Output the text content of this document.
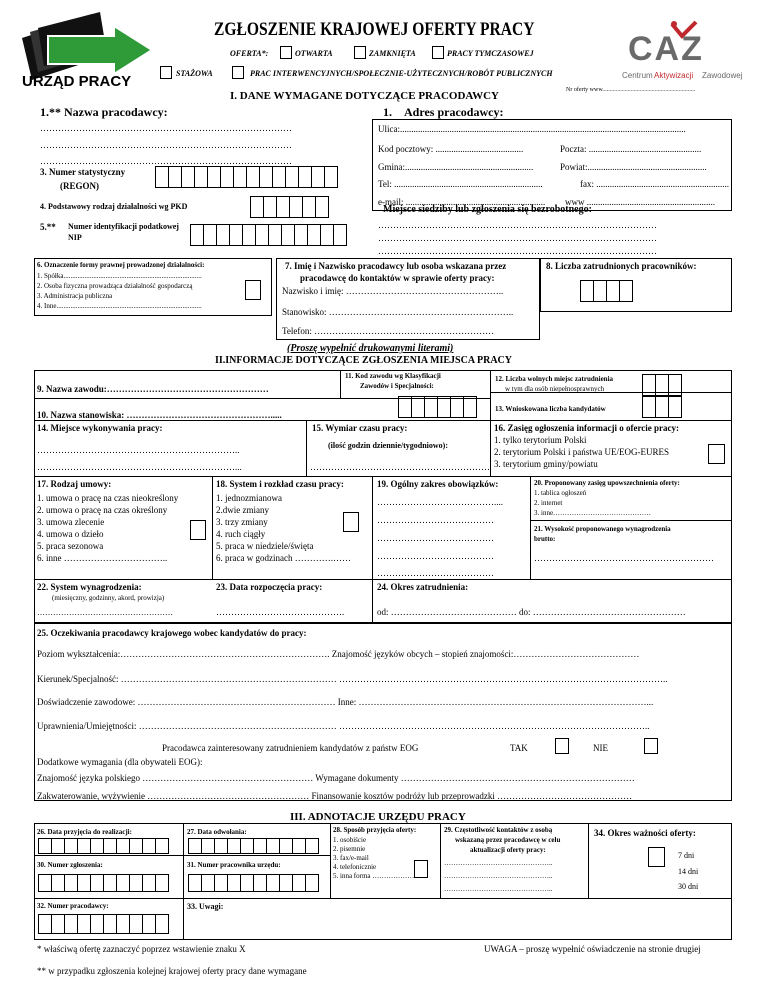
URZĄD PRACY
ZGŁOSZENIE KRAJOWEJ OFERTY PRACY
OFERTA*:	OTWARTA	ZAMKNIĘTA	PRACY TYMCZASOWEJ
STAŻOWA	PRAC INTERWENCYJNYCH/SPOŁECZNIE-UŻYTECZNYCH/ROBÓT PUBLICZNYCH
CAZ
Centrum Aktywizacji Zawodowej
Nr oferty www..............................................................
I. DANE WYMAGANE DOTYCZĄCE PRACODAWCY
1.** Nazwa pracodawcy:
…………………………………………………………………………
…………………………………………………………………………
…………………………………………………………………………
1. Adres pracodawcy:
Ulica:...............................................................................................................................
Kod pocztowy: .......................................	Poczta: ..................................................
Gmina:.........................................................	Powiat:.....................................................
Tel: ..................................................................	fax: ...........................................................
e-mail: .............................................................. www .........................................................
Miejsce siedziby lub zgłoszenia się bezrobotnego:
…………………………………………………………………………………
…………………………………………………………………………………
…………………………………………………………………………………
3. Numer statystyczny
(REGON)
4. Podstawowy rodzaj działalności wg PKD
5.** Numer identyfikacji podatkowej
NIP
6. Oznaczenie formy prawnej prowadzonej działalności:
1. Spółka...............................................................................
2. Osoba fizyczna prowadząca działalność gospodarczą
3. Administracja publiczna
4. Inne...................................................................................
7. Imię i Nazwisko pracodawcy lub osoba wskazana przez
pracodawcę do kontaktów w sprawie oferty pracy:
Nazwisko i imię: ……………………………………………..
Stanowisko: ……………………………………………………..
Telefon: ……………………………………………………
8. Liczba zatrudnionych pracowników:
(Proszę wypełnić drukowanymi literami)
II.INFORMACJE DOTYCZĄCE ZGŁOSZENIA MIEJSCA PRACY
9. Nazwa zawodu:………………………………………………
11. Kod zawodu wg Klasyfikacji
Zawodów i Specjalności:
12. Liczba wolnych miejsc zatrudnienia
w tym dla osób niepełnosprawnych
13. Wnioskowana liczba kandydatów
10. Nazwa stanowiska: ………………………………………….....
14. Miejsce wykonywania pracy:
…………………………………………………………..
…………………………………………………………...
15. Wymiar czasu pracy:
(ilość godzin dziennie/tygodniowo):
……………………………………………………
16. Zasięg ogłoszenia informacji o ofercie pracy:
1. tylko terytorium Polski
2. terytorium Polski i państwa UE/EOG-EURES
3. terytorium gminy/powiatu
17. Rodzaj umowy:
1. umowa o pracę na czas nieokreślony
2. umowa o pracę na czas określony
3. umowa zlecenie
4. umowa o dzieło
5. praca sezonowa
6. inne ……………………………..
18. System i rozkład czasu pracy:
1. jednozmianowa
2.dwie zmiany
3. trzy zmiany
4. ruch ciągły
5. praca w niedziele/święta
6. praca w godzinach ………….……
19. Ogólny zakres obowiązków:
…………………………………....
…………………………………
…………………………………
…………………………………
…………………………………
20. Proponowany zasięg upowszechnienia oferty:
1. tablica ogłoszeń
2. internet
3. inne……………………………………
21. Wysokość proponowanego wynagrodzenia
brutto:
……………………………………………………
22. System wynagrodzenia:
(miesięczny, godzinny, akord, prowizja)
……………………………………………
23. Data rozpoczęcia pracy:
…………………………………….
24. Okres zatrudnienia:
od: …………………………………… do: ……………………………………………
25. Oczekiwania pracodawcy krajowego wobec kandydatów do pracy:
Poziom wykształcenia:……………………………………………………………. Znajomość języków obcych – stopień znajomości:……………………………………
Kierunek/Specjalność: ……………………………………………………………… ………………………………………………………………………………………………..
Doświadczenie zawodowe: ………………………………………………………… Inne: ……………………………………………………………………………………...
Uprawnienia/Umiejętności: ………………………………………………………… …………………………………………………………………………………………..
Pracodawca zainteresowany zatrudnieniem kandydatów z państw EOG	TAK	NIE
Dodatkowe wymagania (dla obywateli EOG):
Znajomość języka polskiego ………………………………………………… Wymagane dokumenty ……………………………………………………………………
Zakwaterowanie, wyżywienie ……………………………………………… Finansowanie kosztów podróży lub przeprowadzki ………………………………………
III. ADNOTACJE URZĘDU PRACY
26. Data przyjęcia do realizacji:	27. Data odwołania:	28. Sposób przyjęcia oferty:
1. osobiście
2. pisemnie
3. fax/e-mail
4. telefonicznie
5. inna forma ………………
29. Częstotliwość kontaktów z osobą
wskazaną przez pracodawcę w celu
aktualizacji oferty pracy:
………………………………………..
………………………………………..
………………………………………..
34. Okres ważności oferty:
7 dni
14 dni
30 dni
30. Numer zgłoszenia:	31. Numer pracownika urzędu:
32. Numer pracodawcy:	33. Uwagi:
* właściwą ofertę zaznaczyć poprzez wstawienie znaku X
** w przypadku zgłoszenia kolejnej krajowej oferty pracy dane wymagane
UWAGA – proszę wypełnić oświadczenie na stronie drugiej
